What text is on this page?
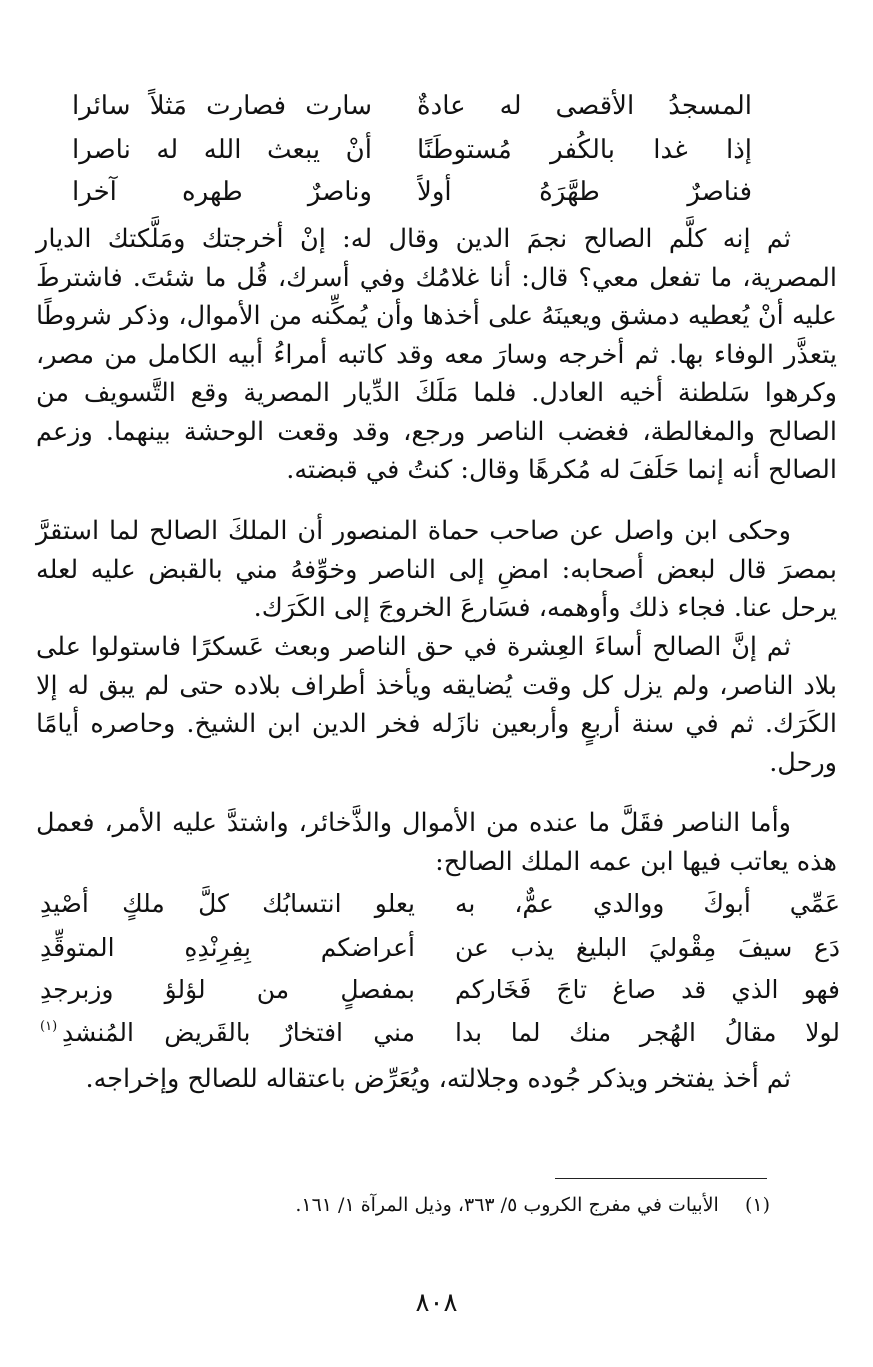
المسجدُ الأقصى له عادةٌ
سارت فصارت مَثلاً سائرا
إذا غدا بالكُفر مُستوطَنًا
أنْ يبعث الله له ناصرا
فناصرٌ طهَّرَهُ أولاً
وناصرٌ طهره آخرا
ثم إنه كلَّم الصالح نجمَ الدين وقال له: إنْ أخرجتك ومَلَّكتك الديار المصرية، ما تفعل معي؟ قال: أنا غلامُك وفي أسرك، قُل ما شئتَ. فاشترطَ عليه أنْ يُعطيه دمشق ويعينَهُ على أخذها وأن يُمكِّنه من الأموال، وذكر شروطًا يتعذَّر الوفاء بها. ثم أخرجه وسارَ معه وقد كاتبه أمراءُ أبيه الكامل من مصر، وكرهوا سَلطنة أخيه العادل. فلما مَلَكَ الدِّيار المصرية وقع التَّسويف من الصالح والمغالطة، فغضب الناصر ورجع، وقد وقعت الوحشة بينهما. وزعم الصالح أنه إنما حَلَفَ له مُكرهًا وقال: كنتُ في قبضته.
وحكى ابن واصل عن صاحب حماة المنصور أن الملكَ الصالح لما استقرَّ بمصرَ قال لبعض أصحابه: امضِ إلى الناصر وخوِّفهُ مني بالقبض عليه لعله يرحل عنا. فجاء ذلك وأوهمه، فسَارعَ الخروجَ إلى الكَرَك.
ثم إنَّ الصالح أساءَ العِشرة في حق الناصر وبعث عَسكرًا فاستولوا على بلاد الناصر، ولم يزل كل وقت يُضايقه ويأخذ أطراف بلاده حتى لم يبق له إلا الكَرَك. ثم في سنة أربعٍ وأربعين نازَله فخر الدين ابن الشيخ. وحاصره أيامًا ورحل.
وأما الناصر فقَلَّ ما عنده من الأموال والذَّخائر، واشتدَّ عليه الأمر، فعمل هذه يعاتب فيها ابن عمه الملك الصالح:
عَمِّي أبوكَ ووالدي عمٌّ، به
يعلو انتسابُك كلَّ ملكٍ أصْيدِ
دَع سيفَ مِقْوليَ البليغ يذب عن
أعراضكم بِفِرِنْدِهِ المتوقِّدِ
فهو الذي قد صاغ تاجَ فَخَاركم
بمفصلٍ من لؤلؤ وزبرجدِ
لولا مقالُ الهُجر منك لما بدا
مني افتخارٌ بالقَريض المُنشدِ
(١)
ثم أخذ يفتخر ويذكر جُوده وجلالته، ويُعَرِّض باعتقاله للصالح وإخراجه.
(١)  الأبيات في مفرج الكروب ٥/ ٣٦٣، وذيل المرآة ١/ ١٦١.
٨٠٨
